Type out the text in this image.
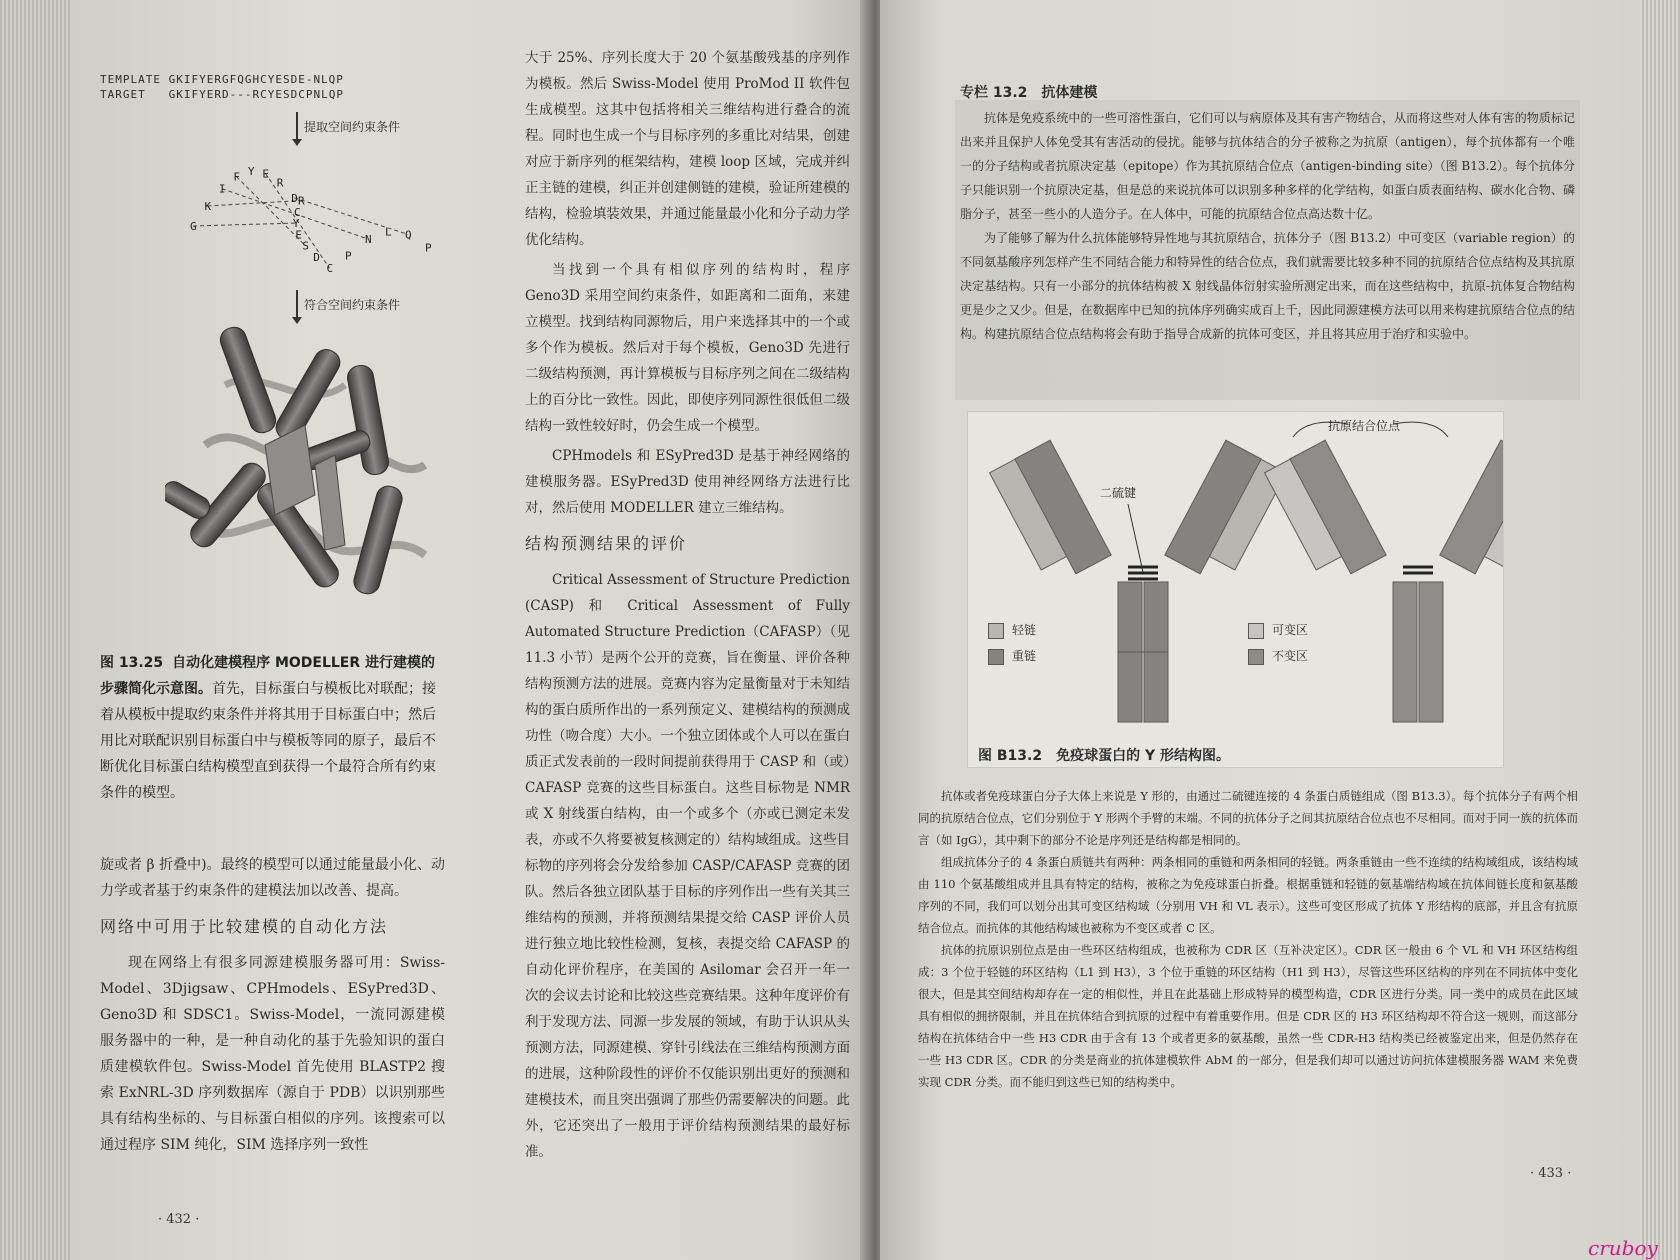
TEMPLATE GKIFYERGFQGHCYESDE-NLQP
TARGET GKIFYERD---RCYESDCPNLQP
提取空间约束条件
G
K
I
F Y E
R
D R
C
Y
E
S
D
C
P
N
L Q
P
符合空间约束条件
图 13.25 自动化建模程序 MODELLER 进行建模的步骤简化示意图。首先，目标蛋白与模板比对联配；接着从模板中提取约束条件并将其用于目标蛋白中；然后用比对联配识别目标蛋白中与模板等同的原子，最后不断优化目标蛋白结构模型直到获得一个最符合所有约束条件的模型。

旋或者 β 折叠中)。最终的模型可以通过能量最小化、动力学或者基于约束条件的建模法加以改善、提高。

网络中可用于比较建模的自动化方法

现在网络上有很多同源建模服务器可用：Swiss-Model、3Djigsaw、CPHmodels、ESyPred3D、Geno3D 和 SDSC1。Swiss-Model，一流同源建模服务器中的一种，是一种自动化的基于先验知识的蛋白质建模软件包。Swiss-Model 首先使用 BLASTP2 搜索 ExNRL-3D 序列数据库（源自于 PDB）以识别那些具有结构坐标的、与目标蛋白相似的序列。该搜索可以通过程序 SIM 纯化，SIM 选择序列一致性

大于 25%、序列长度大于 20 个氨基酸残基的序列作为模板。然后 Swiss-Model 使用 ProMod II 软件包生成模型。这其中包括将相关三维结构进行叠合的流程。同时也生成一个与目标序列的多重比对结果，创建对应于新序列的框架结构，建模 loop 区域，完成并纠正主链的建模，纠正并创建侧链的建模，验证所建模的结构，检验填装效果，并通过能量最小化和分子动力学优化结构。

当找到一个具有相似序列的结构时，程序 Geno3D 采用空间约束条件，如距离和二面角，来建立模型。找到结构同源物后，用户来选择其中的一个或多个作为模板。然后对于每个模板，Geno3D 先进行二级结构预测，再计算模板与目标序列之间在二级结构上的百分比一致性。因此，即使序列同源性很低但二级结构一致性较好时，仍会生成一个模型。

CPHmodels 和 ESyPred3D 是基于神经网络的建模服务器。ESyPred3D 使用神经网络方法进行比对，然后使用 MODELLER 建立三维结构。

结构预测结果的评价

Critical Assessment of Structure Prediction (CASP) 和 Critical Assessment of Fully Automated Structure Prediction（CAFASP）（见 11.3 小节）是两个公开的竞赛，旨在衡量、评价各种结构预测方法的进展。竞赛内容为定量衡量对于未知结构的蛋白质所作出的一系列预定义、建模结构的预测成功性（吻合度）大小。一个独立团体或个人可以在蛋白质正式发表前的一段时间提前获得用于 CASP 和（或）CAFASP 竞赛的这些目标蛋白。这些目标物是 NMR 或 X 射线蛋白结构，由一个或多个（亦或已测定未发表，亦或不久将要被复核测定的）结构域组成。这些目标物的序列将会分发给参加 CASP/CAFASP 竞赛的团队。然后各独立团队基于目标的序列作出一些有关其三维结构的预测，并将预测结果提交给 CASP 评价人员进行独立地比较性检测，复核，表提交给 CAFASP 的自动化评价程序，在美国的 Asilomar 会召开一年一次的会议去讨论和比较这些竞赛结果。这种年度评价有利于发现方法、同源一步发展的领域，有助于认识从头预测方法，同源建模、穿针引线法在三维结构预测方面的进展，这种阶段性的评价不仅能识别出更好的预测和建模技术，而且突出强调了那些仍需要解决的问题。此外，它还突出了一般用于评价结构预测结果的最好标准。

· 432 ·
专栏 13.2　抗体建模

抗体是免疫系统中的一些可溶性蛋白，它们可以与病原体及其有害产物结合，从而将这些对人体有害的物质标记出来并且保护人体免受其有害活动的侵扰。能够与抗体结合的分子被称之为抗原（antigen），每个抗体都有一个唯一的分子结构或者抗原决定基（epitope）作为其抗原结合位点（antigen-binding site）（图 B13.2）。每个抗体分子只能识别一个抗原决定基，但是总的来说抗体可以识别多种多样的化学结构，如蛋白质表面结构、碳水化合物、磷脂分子，甚至一些小的人造分子。在人体中，可能的抗原结合位点高达数十亿。

为了能够了解为什么抗体能够特异性地与其抗原结合，抗体分子（图 B13.2）中可变区（variable region）的不同氨基酸序列怎样产生不同结合能力和特异性的结合位点，我们就需要比较多种不同的抗原结合位点结构及其抗原决定基结构。只有一小部分的抗体结构被 X 射线晶体衍射实验所测定出来，而在这些结构中，抗原-抗体复合物结构更是少之又少。但是，在数据库中已知的抗体序列确实成百上千，因此同源建模方法可以用来构建抗原结合位点的结构。构建抗原结合位点结构将会有助于指导合成新的抗体可变区，并且将其应用于治疗和实验中。

二硫键
抗原结合位点
轻链
重链
可变区
不变区
图 B13.2　免疫球蛋白的 Y 形结构图。

抗体或者免疫球蛋白分子大体上来说是 Y 形的，由通过二硫键连接的 4 条蛋白质链组成（图 B13.3）。每个抗体分子有两个相同的抗原结合位点，它们分别位于 Y 形两个手臂的末端。不同的抗体分子之间其抗原结合位点也不尽相同。而对于同一族的抗体而言（如 IgG），其中剩下的部分不论是序列还是结构都是相同的。

组成抗体分子的 4 条蛋白质链共有两种：两条相同的重链和两条相同的轻链。两条重链由一些不连续的结构域组成，该结构域由 110 个氨基酸组成并且具有特定的结构，被称之为免疫球蛋白折叠。根据重链和轻链的氨基端结构域在抗体间链长度和氨基酸序列的不同，我们可以划分出其可变区结构域（分别用 VH 和 VL 表示）。这些可变区形成了抗体 Y 形结构的底部，并且含有抗原结合位点。而抗体的其他结构域也被称为不变区或者 C 区。

抗体的抗原识别位点是由一些环区结构组成，也被称为 CDR 区（互补决定区）。CDR 区一般由 6 个 VL 和 VH 环区结构组成：3 个位于轻链的环区结构（L1 到 H3），3 个位于重链的环区结构（H1 到 H3），尽管这些环区结构的序列在不同抗体中变化很大，但是其空间结构却存在一定的相似性，并且在此基础上形成特异的模型构造，CDR 区进行分类。同一类中的成员在此区域具有相似的拥挤限制，并且在抗体结合到抗原的过程中有着重要作用。但是 CDR 区的 H3 环区结构却不符合这一规则，而这部分结构在抗体结合中一些 H3 CDR 由于含有 13 个或者更多的氨基酸，虽然一些 CDR-H3 结构类已经被鉴定出来，但是仍然存在一些 H3 CDR 区。CDR 的分类是商业的抗体建模软件 AbM 的一部分，但是我们却可以通过访问抗体建模服务器 WAM 来免费实现 CDR 分类。而不能归到这些已知的结构类中。

· 433 ·
cruboy
